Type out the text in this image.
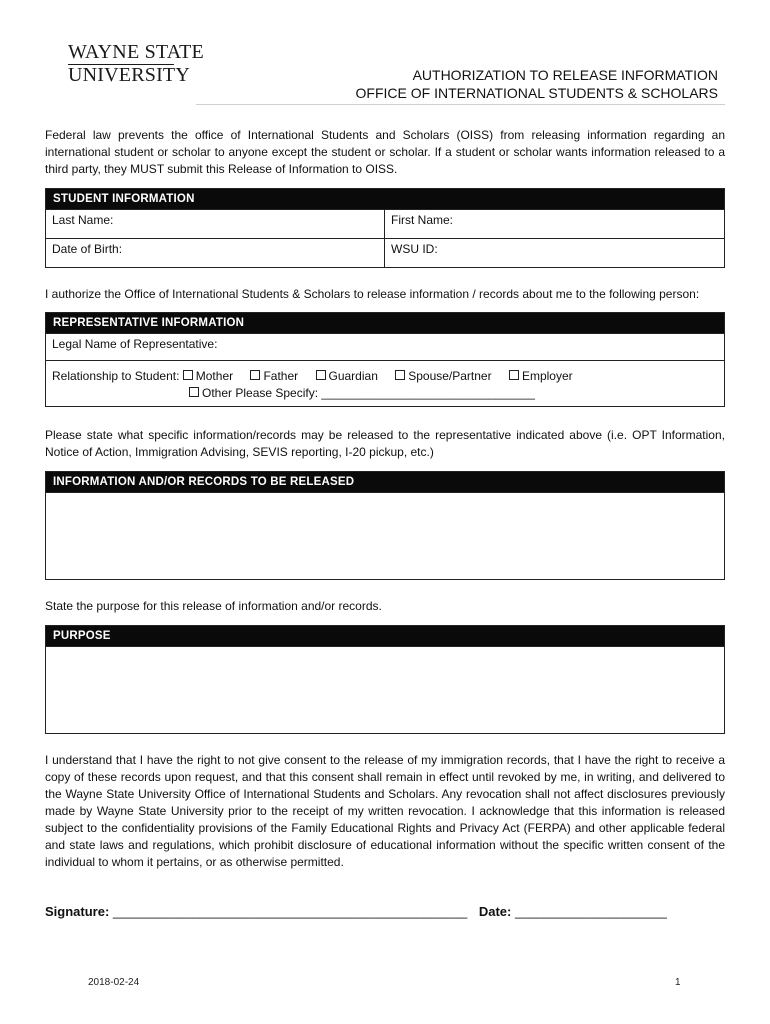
WAYNE STATE
UNIVERSITY	AUTHORIZATION TO RELEASE INFORMATION
OFFICE OF INTERNATIONAL STUDENTS & SCHOLARS
Federal law prevents the office of International Students and Scholars (OISS) from releasing information regarding an international student or scholar to anyone except the student or scholar. If a student or scholar wants information released to a third party, they MUST submit this Release of Information to OISS.
STUDENT INFORMATION	
Last Name:	First Name:
Date of Birth:	WSU ID:
I authorize the Office of International Students & Scholars to release information / records about me to the following person:
REPRESENTATIVE INFORMATION
Legal Name of Representative:
Relationship to Student: Mother	Father	Guardian	Spouse/Partner	Employer
Other Please Specify: ________________________________
Please state what specific information/records may be released to the representative indicated above (i.e. OPT Information, Notice of Action, Immigration Advising, SEVIS reporting, I-20 pickup, etc.)
INFORMATION AND/OR RECORDS TO BE RELEASED

State the purpose for this release of information and/or records.
PURPOSE

I understand that I have the right to not give consent to the release of my immigration records, that I have the right to receive a copy of these records upon request, and that this consent shall remain in effect until revoked by me, in writing, and delivered to the Wayne State University Office of International Students and Scholars. Any revocation shall not affect disclosures previously made by Wayne State University prior to the receipt of my written revocation. I acknowledge that this information is released subject to the confidentiality provisions of the Family Educational Rights and Privacy Act (FERPA) and other applicable federal and state laws and regulations, which prohibit disclosure of educational information without the specific written consent of the individual to whom it pertains, or as otherwise permitted.
Signature: _________________________________________________ Date: _____________________
2018-02-24	1
